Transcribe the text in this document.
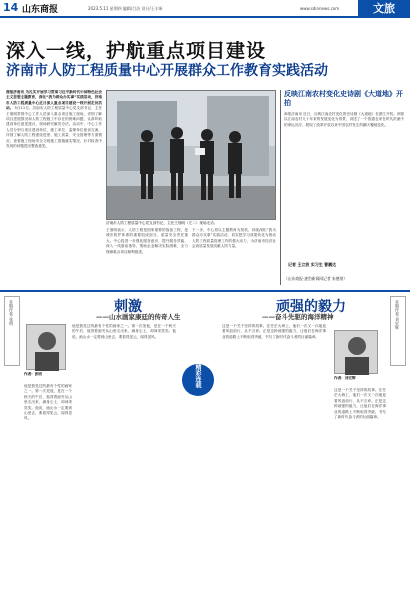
14 山东商报	2023.5.11 星期四 编辑/吕洁 设计/王丰昕	www.sdinnews.com	文旅
深入一线，护航重点项目建设
济南市人防工程质量中心开展群众工作教育实践活动
商报济南讯 为扎实开展学习贯彻习近平新时代中国特色社会主义思想主题教育，深化“我为群众办实事”实践活动，济南市人防工程质量中心近日深入重点项目建设一线开展走访活动。 5月11日，济南市人防工程质量中心党支部书记、主任王佃明带领中心工作人员深入重点项目施工现场，详细了解项目进展情况和人防工程施工中存在的困难问题，认真听取建设单位意见建议，现场研究解决办法。活动中，中心工作人员分别与项目建设单位、施工单位、监理单位座谈交流，详细了解人防工程建设进度、施工质量、安全管理等方面情况，查看施工现场安全文明施工措施落实情况，针对检查中发现的问题提出整改意见。
济南市人防工程质量中心党支部书记、主任王佃明（左二）现场走访。
王佃明表示，人防工程是国家重要的战备工程，是城市防护体系的重要组成部分，质量安全责任重大。中心将进一步强化服务意识，提升服务效能，深入一线靠前指导，帮助企业解决实际困难，全力保障重点项目顺利推进。
下一步，中心将以主题教育为契机，持续深化“我为群众办实事”实践活动，切实把学习成果转化为推动人防工程质量管理工作的强大动力，为济南市经济社会高质量发展贡献人防力量。
反映江南农村变化史诗剧《大道地》开拍
商报济南讯 近日，反映江南农村变化的史诗剧《大道地》在浙江开机。该剧以江南农村几十年来的发展变化为背景，讲述了一个普通农家在时代洪流中的命运沉浮，展现了改革开放以来中国农村发生的翻天覆地变化。
记者 王立波 实习生 曹鹏达
（山东商报·速豹新闻网记者 朱德豪）
本期作者·张明	刺激
——山水画家康廷的传奇人生
作者：张明
他是我见过的最有个性的画家之一。第一次见他，是在一个秋天的午后，他背着画夹从山里走出来，满身尘土，却神采奕奕。他说，画山水一定要到山里去，要看得见云，闻得见风。
他是我见过的最有个性的画家之一。第一次见他，是在一个秋天的午后，他背着画夹从山里走出来，满身尘土，却神采奕奕。他说，画山水一定要到山里去，要看得见云，闻得见风。
精彩连载
顽强的毅力
——奋斗先驱的海洋精神
这是一个关于坚持的故事。在茫茫大海上，他们一次又一次地迎着风浪前行，从不言弃。正是这种顽强的毅力，让他们在海洋事业的道路上不断取得突破，书写了新时代奋斗者的壮丽篇章。
作者：刘宏辉
这是一个关于坚持的故事。在茫茫大海上，他们一次又一次地迎着风浪前行，从不言弃。正是这种顽强的毅力，让他们在海洋事业的道路上不断取得突破，书写了新时代奋斗者的壮丽篇章。
本期作者·刘宏辉
